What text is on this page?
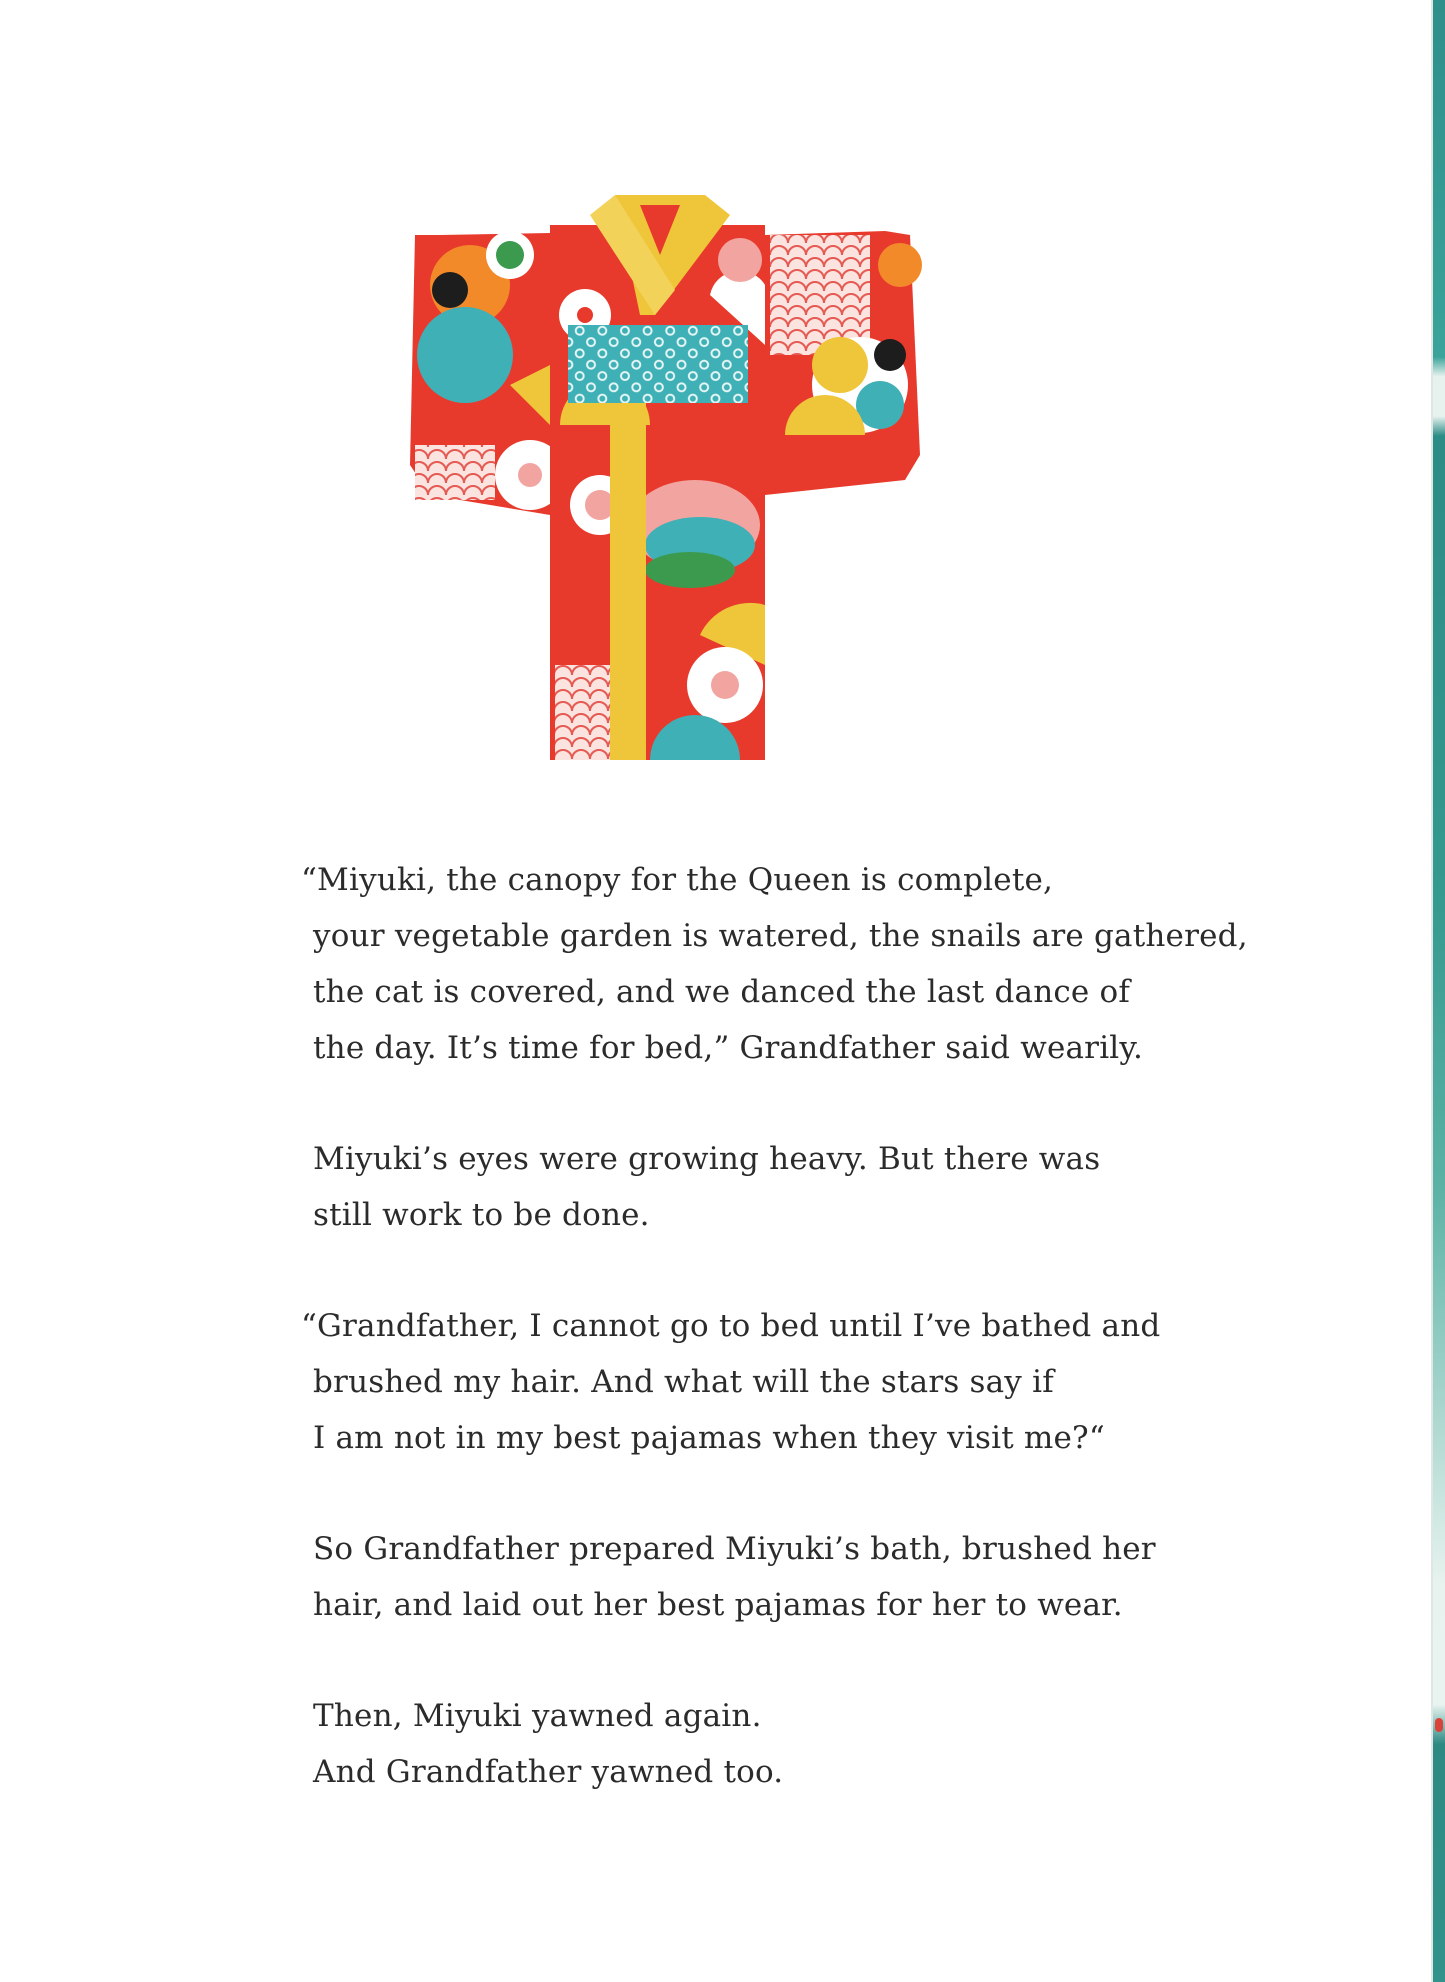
“Miyuki, the canopy for the Queen is complete,
your vegetable garden is watered, the snails are gathered,
the cat is covered, and we danced the last dance of
the day. It’s time for bed,” Grandfather said wearily.

Miyuki’s eyes were growing heavy. But there was
still work to be done.

“Grandfather, I cannot go to bed until I’ve bathed and
brushed my hair. And what will the stars say if
I am not in my best pajamas when they visit me?“

So Grandfather prepared Miyuki’s bath, brushed her
hair, and laid out her best pajamas for her to wear.

Then, Miyuki yawned again.
And Grandfather yawned too.
